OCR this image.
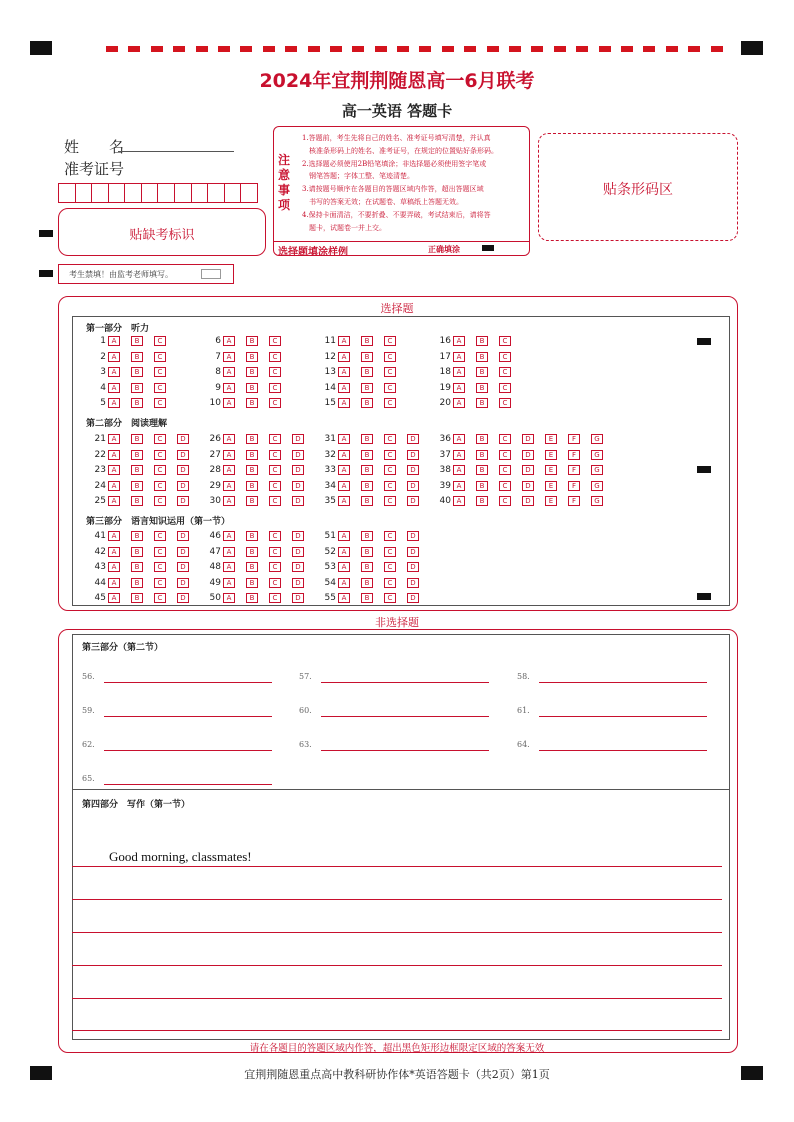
2024年宜荆荆随恩高一6月联考
高一英语 答题卡
姓　　名
准考证号
贴缺考标识
考生禁填！由监考老师填写。
注
意
事
项
1.答题前，考生先将自己的姓名、准考证号填写清楚，并认真
　核准条形码上的姓名、准考证号，在规定的位置贴好条形码。
2.选择题必须使用2B铅笔填涂；非选择题必须使用签字笔或
　钢笔答题；字体工整、笔迹清楚。
3.请按题号顺序在各题目的答题区域内作答，超出答题区域
　书写的答案无效；在试题卷、草稿纸上答题无效。
4.保持卡面清洁，不要折叠、不要弄破，考试结束后，请将答
　题卡，试题卷一并上交。
选择题填涂样例	正确填涂
贴条形码区
选择题
第一部分　听力
第二部分　阅读理解
第三部分　语言知识运用（第一节）
1 A	B	C
2 A	B	C
3 A	B	C
4 A	B	C
5 A	B	C
6 A	B	C
7 A	B	C
8 A	B	C
9 A	B	C
10 A	B	C
11 A	B	C
12 A	B	C
13 A	B	C
14 A	B	C
15 A	B	C
16 A	B	C
17 A	B	C
18 A	B	C
19 A	B	C
20 A	B	C
21 A	B	C	D
22 A	B	C	D
23 A	B	C	D
24 A	B	C	D
25 A	B	C	D
26 A	B	C	D
27 A	B	C	D
28 A	B	C	D
29 A	B	C	D
30 A	B	C	D
31 A	B	C	D
32 A	B	C	D
33 A	B	C	D
34 A	B	C	D
35 A	B	C	D
36 A	B	C	D	E	F	G
37 A	B	C	D	E	F	G
38 A	B	C	D	E	F	G
39 A	B	C	D	E	F	G
40 A	B	C	D	E	F	G
41 A	B	C	D
42 A	B	C	D
43 A	B	C	D
44 A	B	C	D
45 A	B	C	D
46 A	B	C	D
47 A	B	C	D
48 A	B	C	D
49 A	B	C	D
50 A	B	C	D
51 A	B	C	D
52 A	B	C	D
53 A	B	C	D
54 A	B	C	D
55 A	B	C	D
非选择题
第三部分（第二节）
56.	57.	58.
59.	60.	61.
62.	63.	64.
65.
第四部分　写作（第一节）
Good morning, classmates!
请在各题目的答题区域内作答，超出黑色矩形边框限定区域的答案无效
宜荆荆随恩重点高中教科研协作体*英语答题卡（共2页）第1页
